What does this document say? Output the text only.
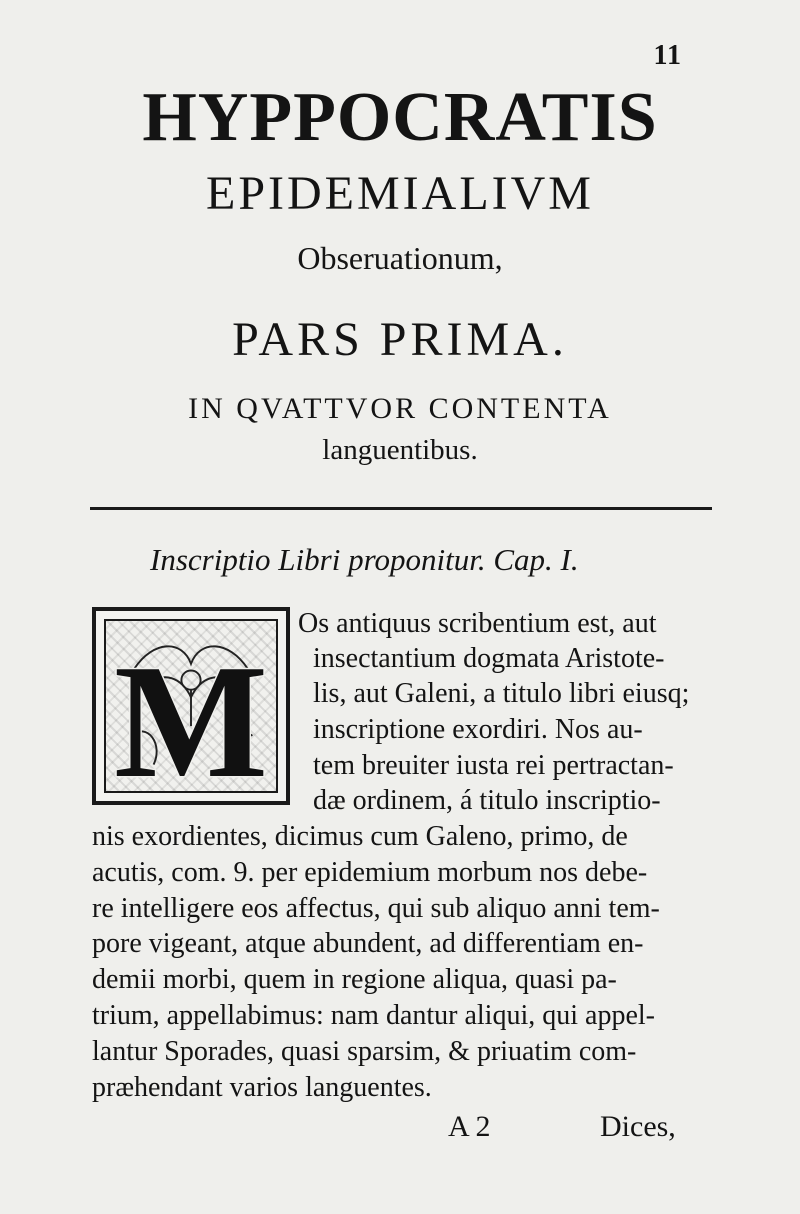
11
HYPPOCRATIS
EPIDEMIALIVM
Obseruationum,
PARS PRIMA.
IN QVATTVOR CONTENTA
languentibus.
Inscriptio Libri proponitur. Cap. I.
M
Os antiquus scribentium est, aut
insectantium dogmata Aristote-
lis, aut Galeni, a titulo libri eiusq;
inscriptione exordiri. Nos au-
tem breuiter iusta rei pertractan-
dæ ordinem, á titulo inscriptio-
nis exordientes, dicimus cum Galeno, primo, de
acutis, com. 9. per epidemium morbum nos debe-
re intelligere eos affectus, qui sub aliquo anni tem-
pore vigeant, atque abundent, ad differentiam en-
demii morbi, quem in regione aliqua, quasi pa-
trium, appellabimus: nam dantur aliqui, qui appel-
lantur Sporades, quasi sparsim, & priuatim com-
præhendant varios languentes.
A 2	Dices,
